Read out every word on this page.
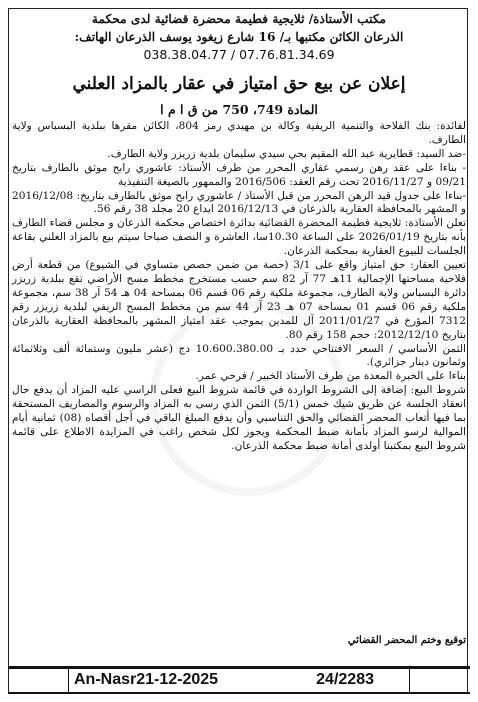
مكتب الأستاذة/ ثلايجية فطيمة محضرة قضائية لدى محكمة
الذرعان الكائن مكتبها بـ/ 16 شارع زيغود يوسف الذرعان الهاتف:
038.38.04.77 / 07.76.81.34.69
إعلان عن بيع حق امتياز في عقار بالمزاد العلني
المادة 749، 750 من ق ا م ا

لفائدة: بنك الفلاحة والتنمية الريفية وكالة بن مهيدي رمز 804، الكائن مقرها ببلدية البسباس ولاية الطارف.

-ضد السيد: قطايرية عبد الله المقيم بحي سيدي سليمان بلدية زريزر ولاية الطارف.

- بناءا على عقد رهن رسمي عقاري المحرر من طرف الأستاذ: عاشوري رابح موثق بالطارف بتاريخ 09/21 و 2016/11/27 تحت رقم العقد: 2016/506 والممهور بالصيغة التنفيذية

-بناءا على جدول قيد الرهن المحرر من قبل الأستاذ / عاشوري رابح موثق بالطارف بتاريخ: 2016/12/08 و المشهر بالمحافظة العقارية بالذرعان في 2016/12/13 ايداع 20 مجلد 38 رقم 56.

تعلن الأستاذة: ثلايجية فطيمة المحضرة القضائية بدائرة اختصاص محكمة الذرعان و مجلس قضاء الطارف بأنه بتاريخ 2026/01/19 على الساعة 10.30سا، العاشرة و النصف صباحا سيتم بيع بالمزاد العلني بقاعة الجلسات للبيوع العقارية بمحكمة الذرعان.

تعيين العقار: حق امتياز واقع على 3/1 (حصة من ضمن حصص متساوي في الشيوع) من قطعة أرض فلاحية مساحتها الإجمالية 11هـ 77 آر 82 سم حسب مستخرج مخطط مسح الأراضي تقع ببلدية زريزر دائرة البسباس ولاية الطارف، مجموعة ملكية رقم 06 قسم 06 بمساحة 04 هـ 54 آر 38 سم، مجموعة ملكية رقم 06 قسم 01 بمساحة 07 هـ 23 آر 44 سم من مخطط المسح الريفي لبلدية زريزر رقم 7312 المؤرخ في 2011/01/27 آل للمدين بموجب عقد امتياز المشهر بالمحافظة العقارية بالذرعان بتاريخ 2012/12/10: حجم 158 رقم 80.

الثمن الأساسي / السعر الافتتاحي حدد بـ 10.600.380.00 دج (عشر مليون وستمائة ألف وثلاثمائة وثمانون دينار جزائري).

بناءا على الخبرة المعدة من طرف الأستاذ الخبير / فرحي عمر.

شروط البيع: إضافة إلى الشروط الواردة في قائمة شروط البيع فعلى الراسي عليه المزاد أن يدفع حال انعقاد الجلسة عن طريق شيك خمس (5/1) الثمن الذي رسى به المزاد والرسوم والمصاريف المستحقة بما فيها أتعاب المحضر القضائي والحق التناسبي وأن يدفع المبلغ الباقي في أجل أقصاه (08) ثمانية أيام الموالية لرسو المزاد بأمانة ضبط المحكمة ويجوز لكل شخص راغب في المزايدة الاطلاع على قائمة شروط البيع بمكتبنا أولدى أمانة ضبط محكمة الذرعان.

توقيع وختم المحضر القضائي
An-Nasr21-12-2025	24/2283
